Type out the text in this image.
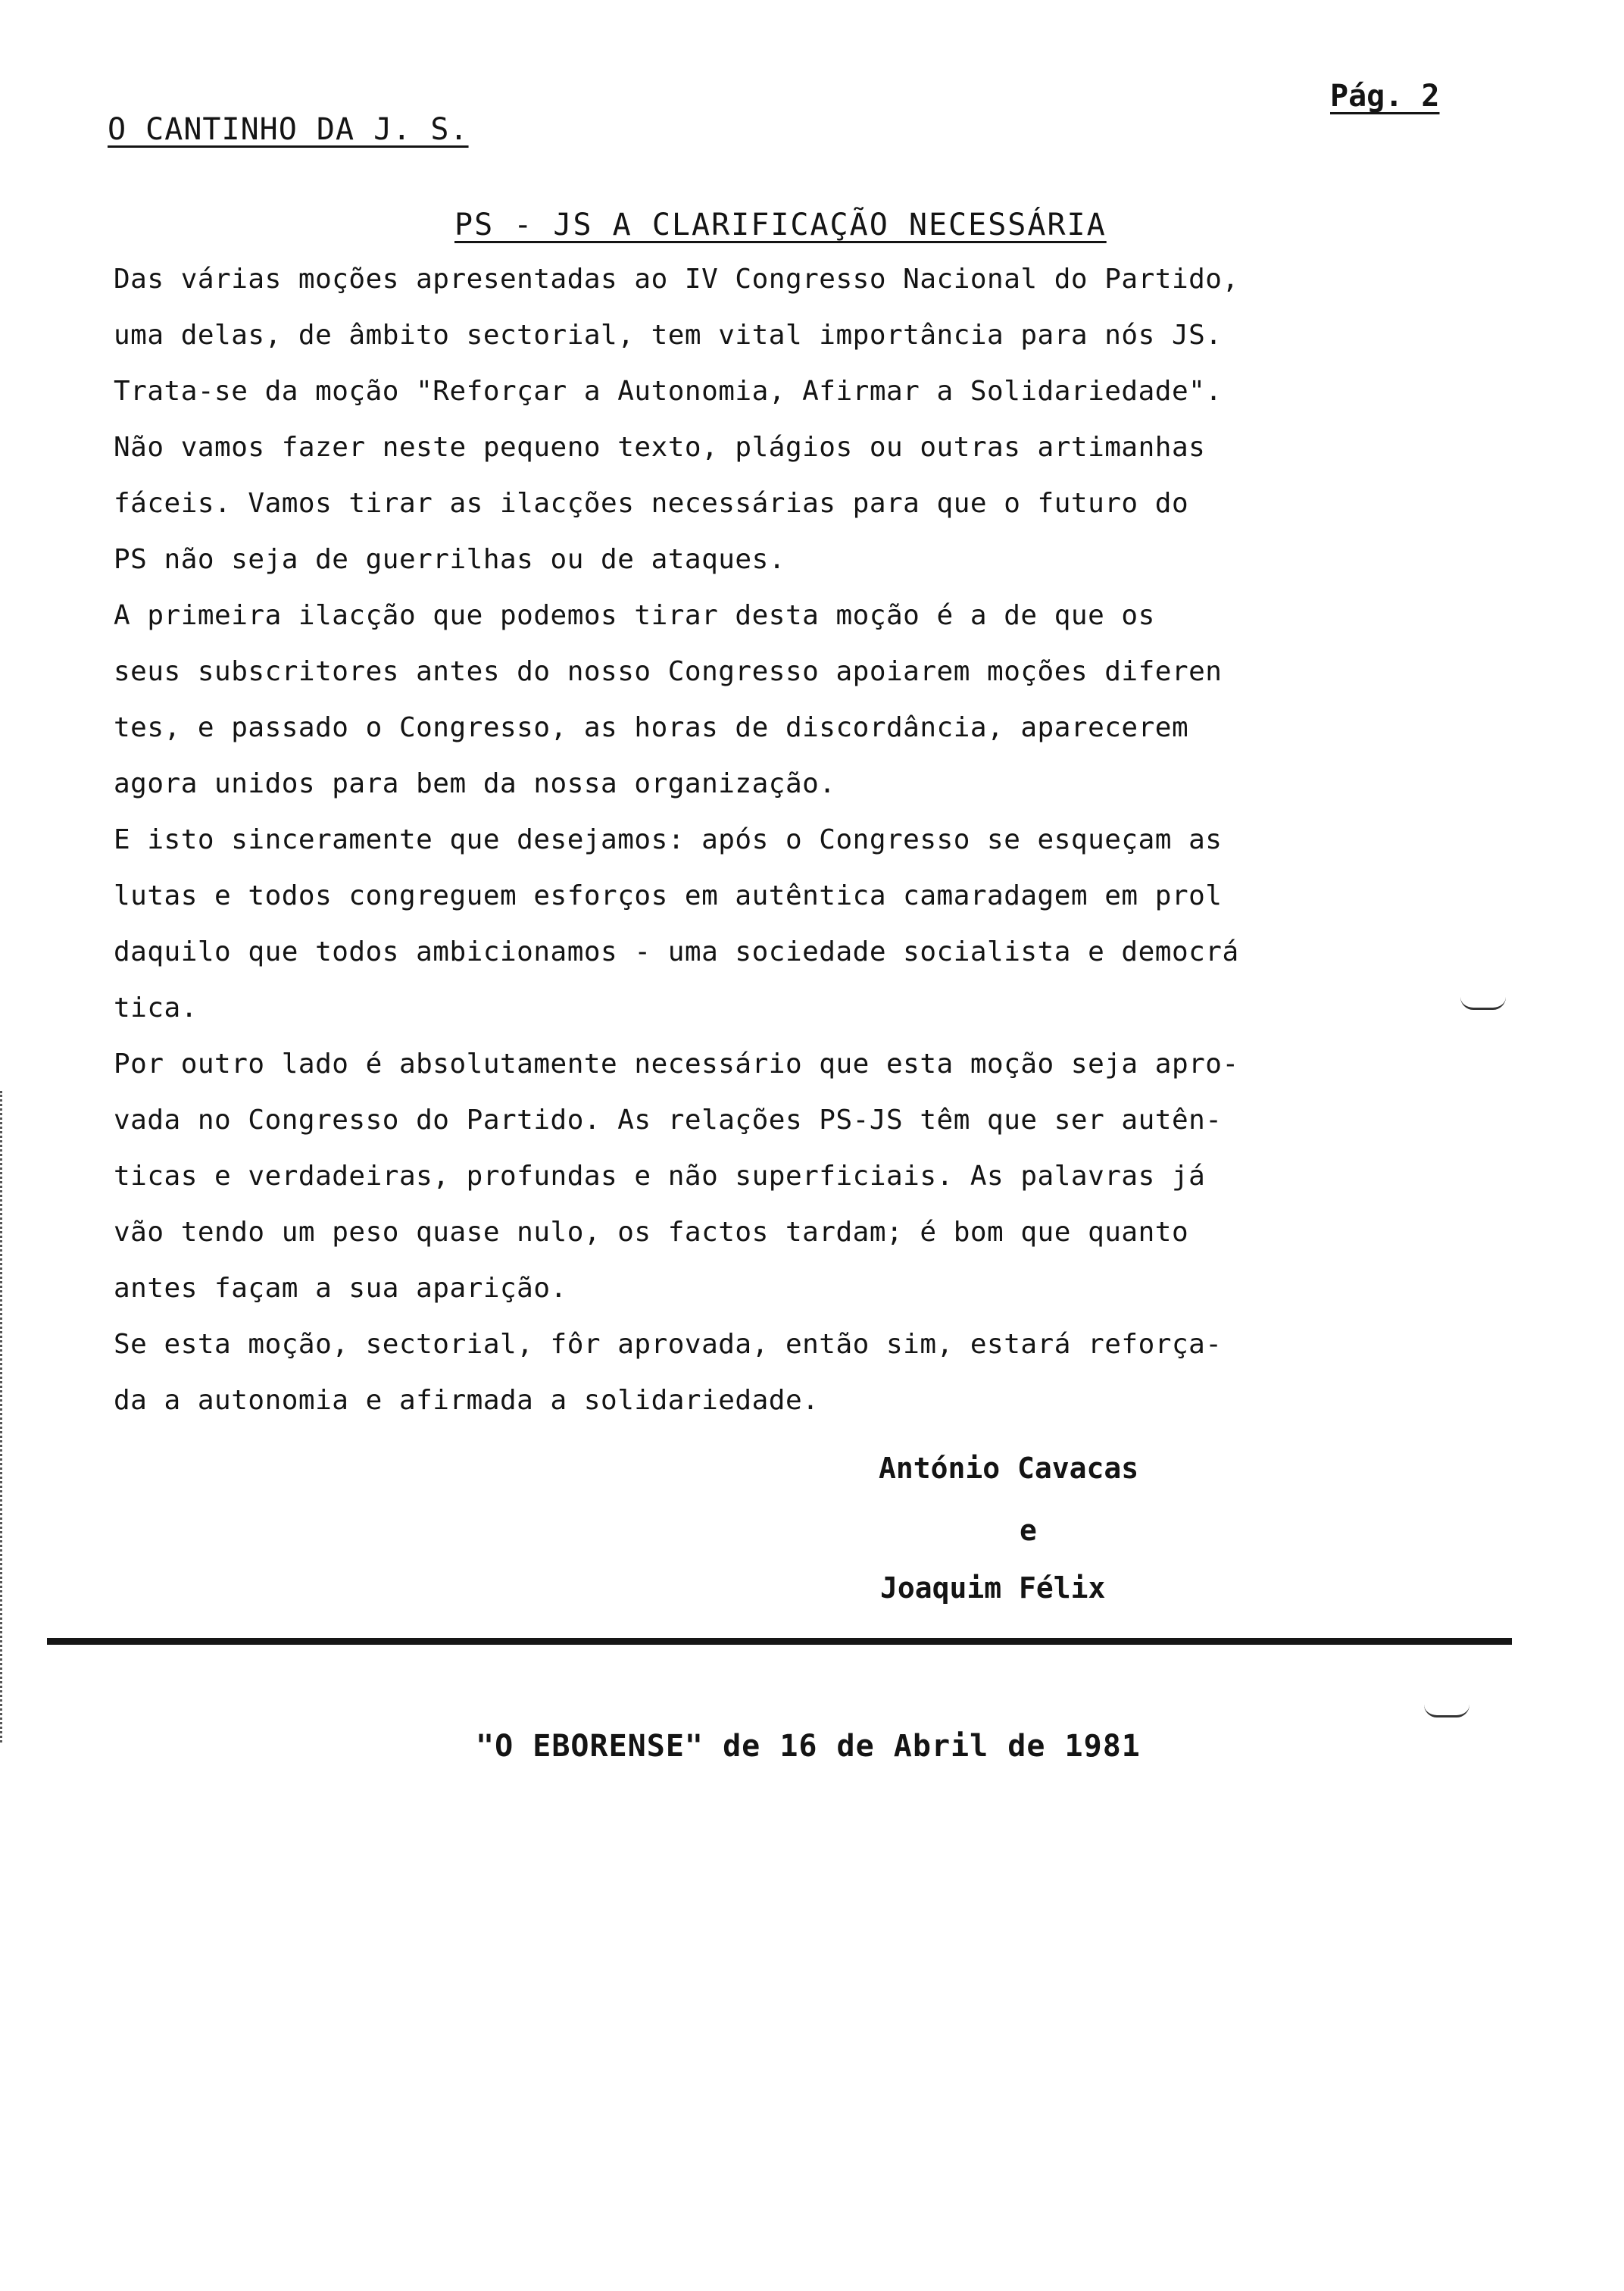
O CANTINHO DA J. S.
Pág. 2
PS - JS A CLARIFICAÇÃO NECESSÁRIA
Das várias moções apresentadas ao IV Congresso Nacional do Partido,
uma delas, de âmbito sectorial, tem vital importância para nós JS.
Trata-se da moção "Reforçar a Autonomia, Afirmar a Solidariedade".
Não vamos fazer neste pequeno texto, plágios ou outras artimanhas
fáceis. Vamos tirar as ilacções necessárias para que o futuro do
PS não seja de guerrilhas ou de ataques.
A primeira ilacção que podemos tirar desta moção é a de que os
seus subscritores antes do nosso Congresso apoiarem moções diferen
tes, e passado o Congresso, as horas de discordância, aparecerem
agora unidos para bem da nossa organização.
E isto sinceramente que desejamos: após o Congresso se esqueçam as
lutas e todos congreguem esforços em autêntica camaradagem em prol
daquilo que todos ambicionamos - uma sociedade socialista e democrá
tica.
Por outro lado é absolutamente necessário que esta moção seja apro-
vada no Congresso do Partido. As relações PS-JS têm que ser autên-
ticas e verdadeiras, profundas e não superficiais. As palavras já
vão tendo um peso quase nulo, os factos tardam; é bom que quanto
antes façam a sua aparição.
Se esta moção, sectorial, fôr aprovada, então sim, estará reforça-
da a autonomia e afirmada a solidariedade.
António Cavacas
e
Joaquim Félix
"O EBORENSE" de 16 de Abril de 1981
